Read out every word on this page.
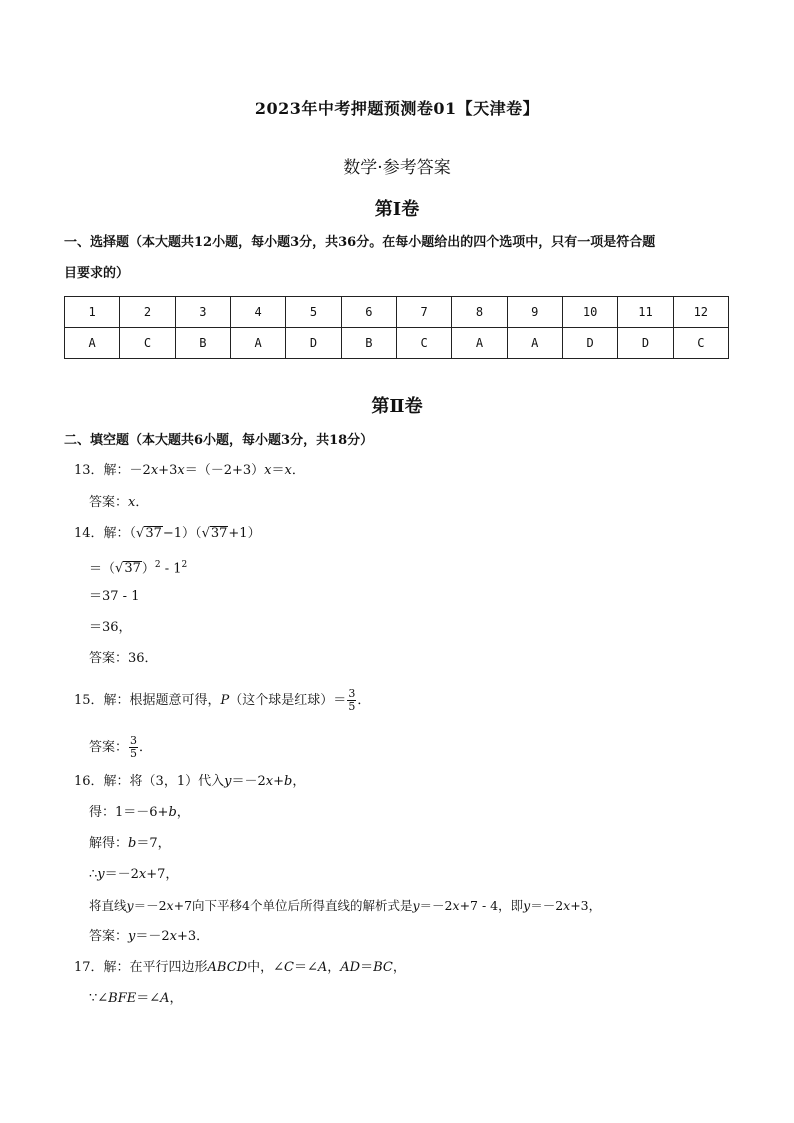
2023年中考押题预测卷01【天津卷】
数学·参考答案
第Ⅰ卷
一、选择题（本大题共12小题，每小题3分，共36分。在每小题给出的四个选项中，只有一项是符合题
目要求的）
1	2	3	4	5	6	7	8	9	10	11	12
A	C	B	A	D	B	C	A	A	D	D	C
第Ⅱ卷
二、填空题（本大题共6小题，每小题3分，共18分）
13．解：－2x+3x＝（－2+3）x＝x．
答案：x．
14．解：（√37−1）（√37+1）
$=(√37)^2 - 1^2$
＝37 - 1
＝36，
答案：36．
15．解：根据题意可得，P（这个球是红球）＝ $\frac{3}{5}$ ．
答案： $\frac{3}{5}$ ．
16．解：将（3，1）代入y＝－2x+b，
得：1＝－6+b，
解得：b＝7，
∴y＝－2x+7，
将直线y＝－2x+7向下平移4个单位后所得直线的解析式是y＝－2x+7 - 4，即y＝－2x+3，
答案：y＝－2x+3．
17．解：在平行四边形ABCD中，∠C＝∠A，AD＝BC，
∵∠BFE＝∠A，
